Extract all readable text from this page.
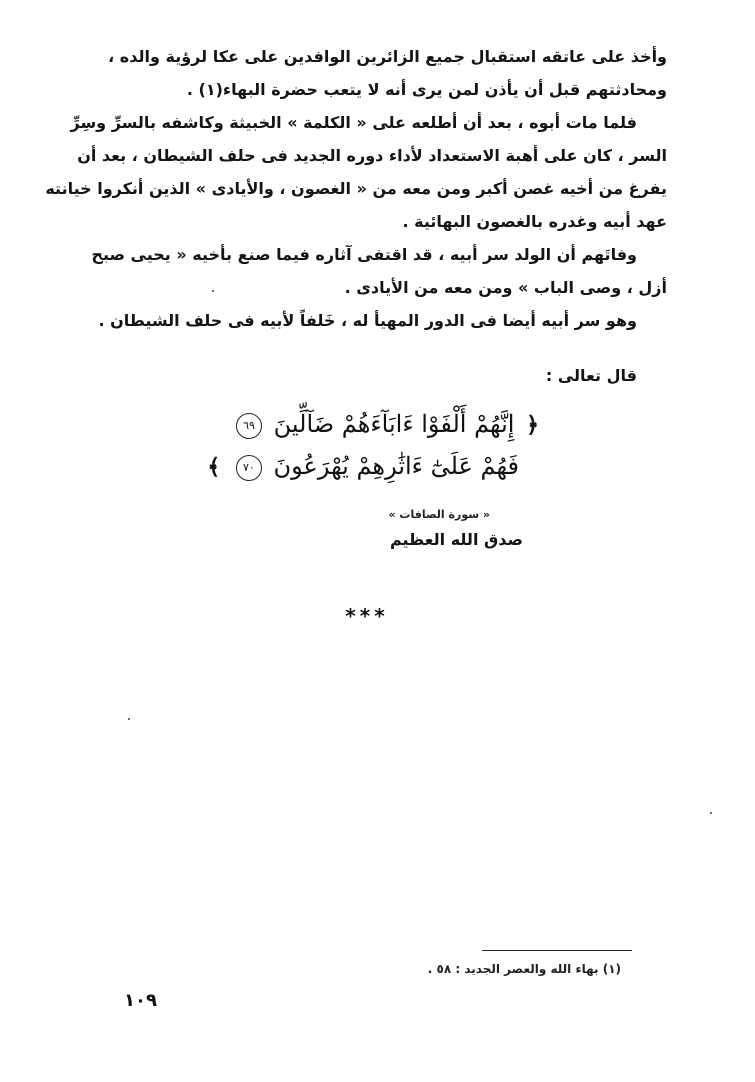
وأخذ على عاتقه استقبال جميع الزائرين الوافدين على عكا لرؤية والده ،
ومحادثتهم قبل أن يأذن لمن يرى أنه لا يتعب حضرة البهاء(١) .
فلما مات أبوه ، بعد أن أطلعه على « الكلمة » الخبيثة وكاشفه بالسرِّ وسِرِّ
السر ، كان على أهبة الاستعداد لأداء دوره الجديد فى حلف الشيطان ، بعد أن
يفرغ من أخيه غصن أكبر ومن معه من « الغصون ، والأيادى » الذين أنكروا خيانته
عهد أبيه وغدره بالغصون البهائية .
وفاتَهم أن الولد سر أبيه ، قد اقتفى آثاره فيما صنع بأخيه « يحيى صبح
أزل ، وصى الباب » ومن معه من الأيادى .
وهو سر أبيه أيضا فى الدور المهيأ له ، خَلفاً لأبيه فى حلف الشيطان .
قال تعالى :
﴿ إِنَّهُمْ أَلْفَوْا ءَابَآءَهُمْ ضَآلِّينَ ٦٩
فَهُمْ عَلَىٰٓ ءَاثَٰرِهِمْ يُهْرَعُونَ ٧٠ ﴾
« سورة الصافات »
صدق الله العظيم
***
(١) بهاء الله والعصر الجديد : ٥٨ .
١٠٩
